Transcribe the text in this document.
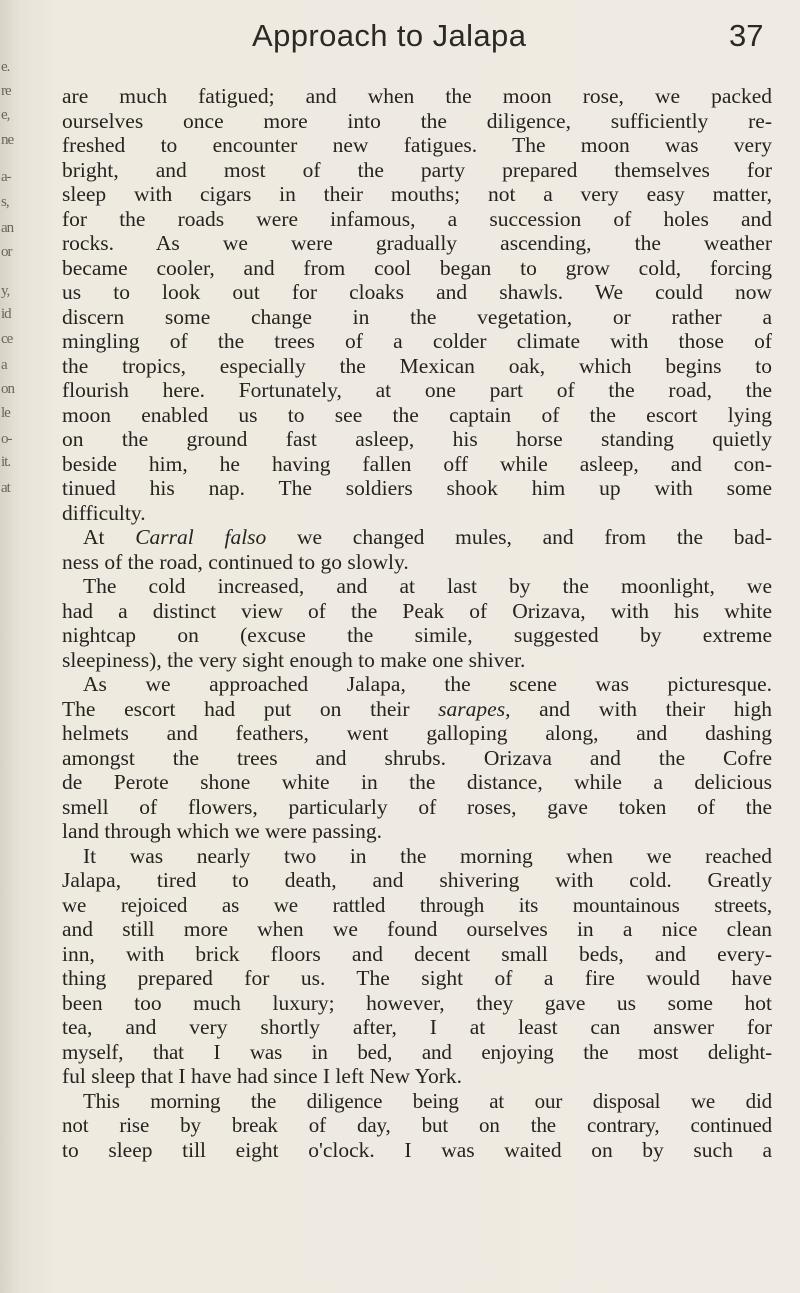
e.
re
e,
ne
a-
s,
an
or
y,
id
ce
a
on
le
o-
it.
at
Approach to Jalapa	37
are much fatigued; and when the moon rose, we packed
ourselves once more into the diligence, sufficiently re-
freshed to encounter new fatigues. The moon was very
bright, and most of the party prepared themselves for
sleep with cigars in their mouths; not a very easy matter,
for the roads were infamous, a succession of holes and
rocks. As we were gradually ascending, the weather
became cooler, and from cool began to grow cold, forcing
us to look out for cloaks and shawls. We could now
discern some change in the vegetation, or rather a
mingling of the trees of a colder climate with those of
the tropics, especially the Mexican oak, which begins to
flourish here. Fortunately, at one part of the road, the
moon enabled us to see the captain of the escort lying
on the ground fast asleep, his horse standing quietly
beside him, he having fallen off while asleep, and con-
tinued his nap. The soldiers shook him up with some
difficulty.
At Carral falso we changed mules, and from the bad-
ness of the road, continued to go slowly.
The cold increased, and at last by the moonlight, we
had a distinct view of the Peak of Orizava, with his white
nightcap on (excuse the simile, suggested by extreme
sleepiness), the very sight enough to make one shiver.
As we approached Jalapa, the scene was picturesque.
The escort had put on their sarapes, and with their high
helmets and feathers, went galloping along, and dashing
amongst the trees and shrubs. Orizava and the Cofre
de Perote shone white in the distance, while a delicious
smell of flowers, particularly of roses, gave token of the
land through which we were passing.
It was nearly two in the morning when we reached
Jalapa, tired to death, and shivering with cold. Greatly
we rejoiced as we rattled through its mountainous streets,
and still more when we found ourselves in a nice clean
inn, with brick floors and decent small beds, and every-
thing prepared for us. The sight of a fire would have
been too much luxury; however, they gave us some hot
tea, and very shortly after, I at least can answer for
myself, that I was in bed, and enjoying the most delight-
ful sleep that I have had since I left New York.
This morning the diligence being at our disposal we did
not rise by break of day, but on the contrary, continued
to sleep till eight o'clock. I was waited on by such a
